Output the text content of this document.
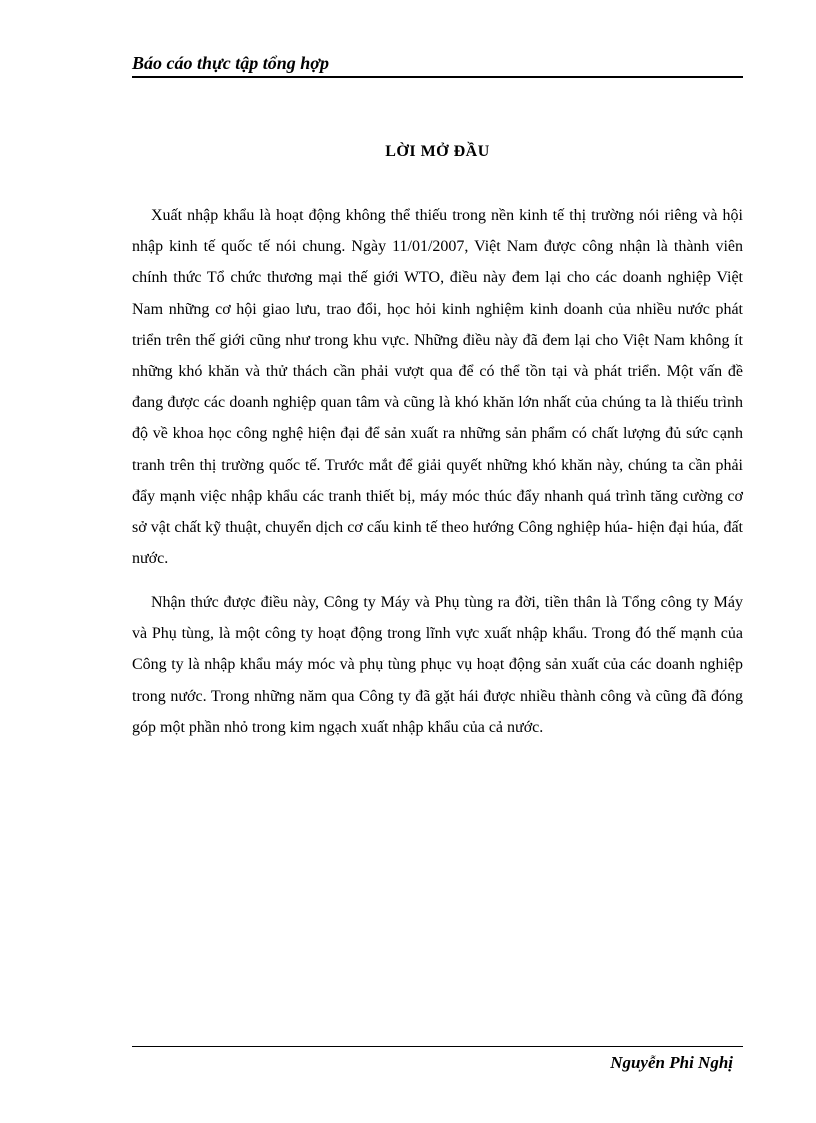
Báo cáo thực tập tổng hợp
LỜI MỞ ĐẦU

Xuất nhập khẩu là hoạt động không thể thiếu trong nền kinh tế thị trường nói riêng và hội nhập kinh tế quốc tế nói chung. Ngày 11/01/2007, Việt Nam được công nhận là thành viên chính thức Tổ chức thương mại thế giới WTO, điều này đem lại cho các doanh nghiệp Việt Nam những cơ hội giao lưu, trao đổi, học hỏi kinh nghiệm kinh doanh của nhiều nước phát triển trên thế giới cũng như trong khu vực. Những điều này đã đem lại cho Việt Nam không ít những khó khăn và thử thách cần phải vượt qua để có thể tồn tại và phát triển. Một vấn đề đang được các doanh nghiệp quan tâm và cũng là khó khăn lớn nhất của chúng ta là thiếu trình độ về khoa học công nghệ hiện đại để sản xuất ra những sản phẩm có chất lượng đủ sức cạnh tranh trên thị trường quốc tế. Trước mắt để giải quyết những khó khăn này, chúng ta cần phải đẩy mạnh việc nhập khẩu các tranh thiết bị, máy móc thúc đẩy nhanh quá trình tăng cường cơ sở vật chất kỹ thuật, chuyển dịch cơ cấu kinh tế theo hướng Công nghiệp húa- hiện đại húa, đất nước.

Nhận thức được điều này, Công ty Máy và Phụ tùng ra đời, tiền thân là Tổng công ty Máy và Phụ tùng, là một công ty hoạt động trong lĩnh vực xuất nhập khẩu. Trong đó thế mạnh của Công ty là nhập khẩu máy móc và phụ tùng phục vụ hoạt động sản xuất của các doanh nghiệp trong nước. Trong những năm qua Công ty đã gặt hái được nhiều thành công và cũng đã đóng góp một phần nhỏ trong kim ngạch xuất nhập khẩu của cả nước.

Nguyễn Phi Nghị
